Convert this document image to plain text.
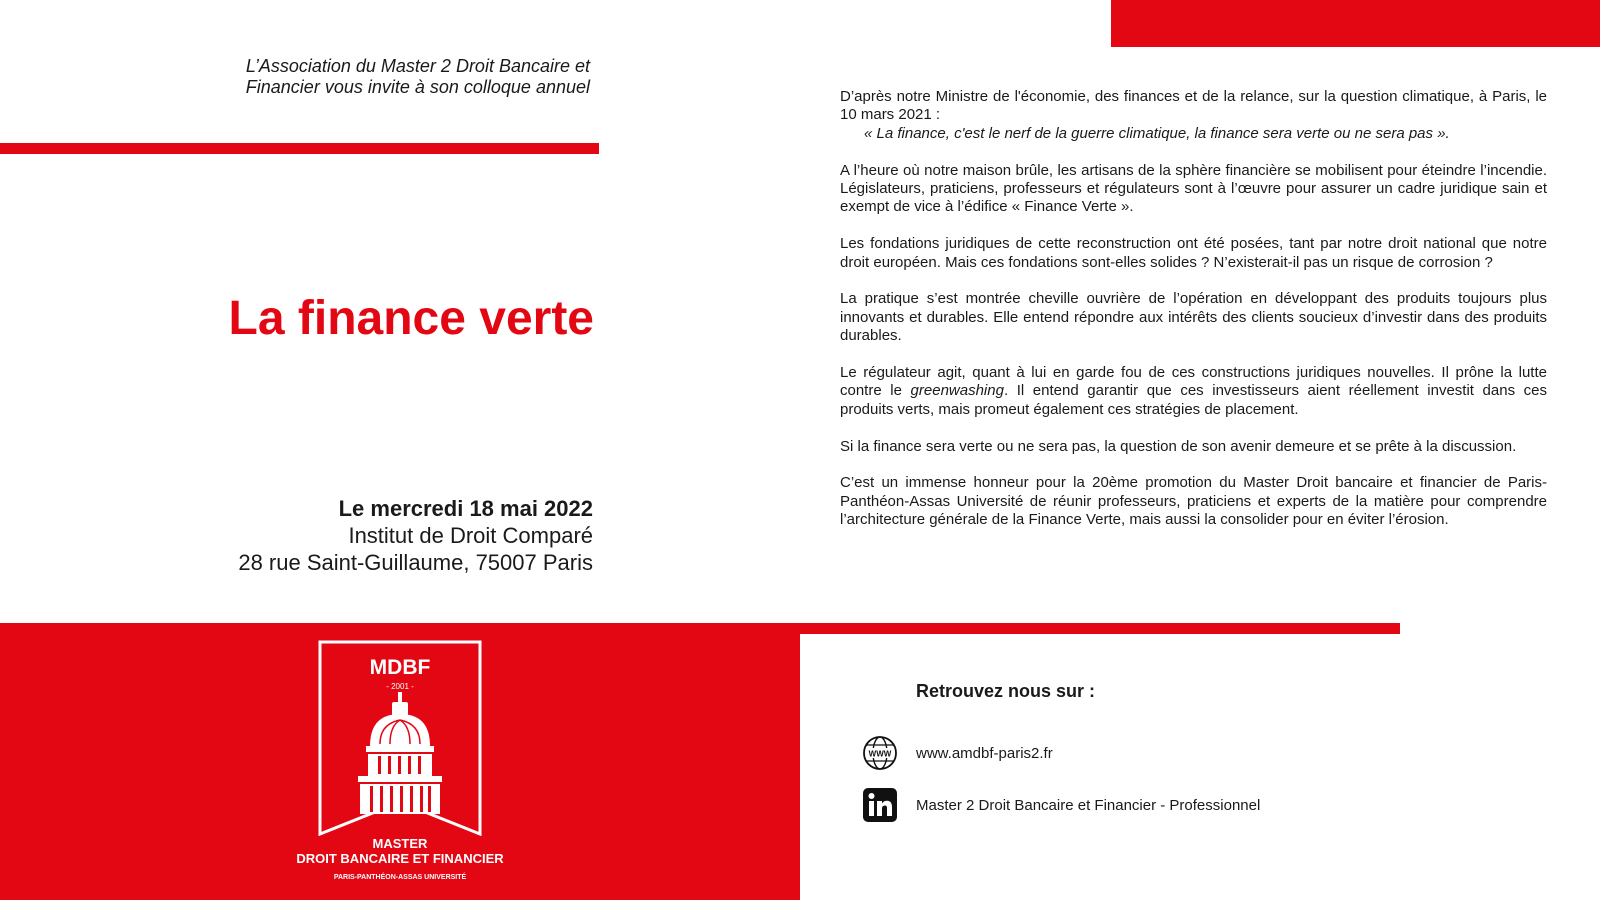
L’Association du Master 2 Droit Bancaire et
Financier vous invite à son colloque annuel
La finance verte
Le mercredi 18 mai 2022
Institut de Droit Comparé
28 rue Saint-Guillaume, 75007 Paris

D’après notre Ministre de l'économie, des finances et de la relance, sur la question climatique, à Paris, le 10 mars 2021 :
« La finance, c'est le nerf de la guerre climatique, la finance sera verte ou ne sera pas ».

A l’heure où notre maison brûle, les artisans de la sphère financière se mobilisent pour éteindre l’incendie. Législateurs, praticiens, professeurs et régulateurs sont à l’œuvre pour assurer un cadre juridique sain et exempt de vice à l’édifice « Finance Verte ».

Les fondations juridiques de cette reconstruction ont été posées, tant par notre droit national que notre droit européen. Mais ces fondations sont-elles solides ? N’existerait-il pas un risque de corrosion ?

La pratique s’est montrée cheville ouvrière de l’opération en développant des produits toujours plus innovants et durables. Elle entend répondre aux intérêts des clients soucieux d’investir dans des produits durables.

Le régulateur agit, quant à lui en garde fou de ces constructions juridiques nouvelles. Il prône la lutte contre le greenwashing. Il entend garantir que ces investisseurs aient réellement investit dans ces produits verts, mais promeut également ces stratégies de placement.

Si la finance sera verte ou ne sera pas, la question de son avenir demeure et se prête à la discussion.

C’est un immense honneur pour la 20ème promotion du Master Droit bancaire et financier de Paris-Panthéon-Assas Université de réunir professeurs, praticiens et experts de la matière pour comprendre l’architecture générale de la Finance Verte, mais aussi la consolider pour en éviter l’érosion.

MDBF
- 2001 -
MASTER
DROIT BANCAIRE ET FINANCIER
PARIS-PANTHÉON-ASSAS UNIVERSITÉ
Retrouvez nous sur :
WWW www.amdbf-paris2.fr
Master 2 Droit Bancaire et Financier - Professionnel
